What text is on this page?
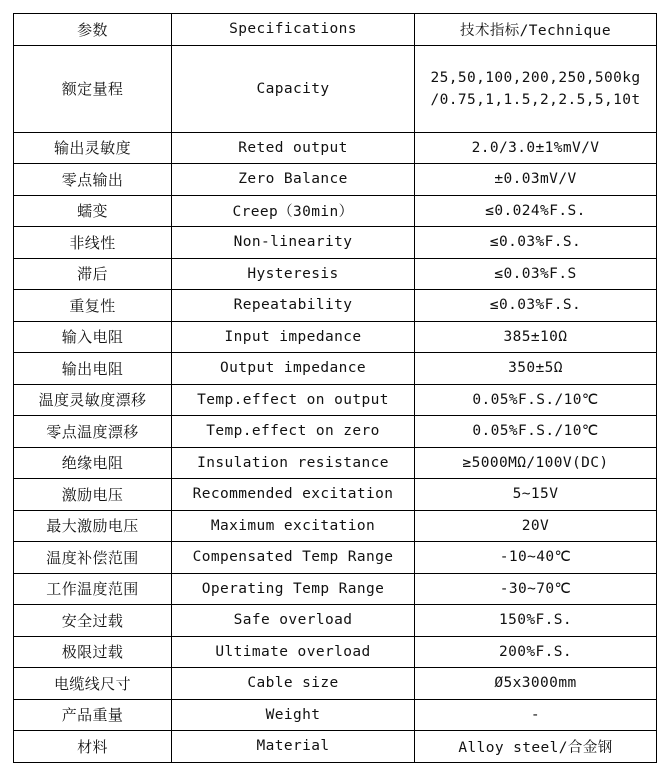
参数	Specifications	技术指标/Technique
额定量程	Capacity	25,50,100,200,250,500kg
/0.75,1,1.5,2,2.5,5,10t

输出灵敏度	Reted output	2.0/3.0±1%mV/V
零点输出	Zero Balance	±0.03mV/V
蠕变	Creep（30min）	≤0.024%F.S.
非线性	Non-linearity	≤0.03%F.S.
滞后	Hysteresis	≤0.03%F.S
重复性	Repeatability	≤0.03%F.S.
输入电阻	Input impedance	385±10Ω
输出电阻	Output impedance	350±5Ω
温度灵敏度漂移	Temp.effect on output	0.05%F.S./10℃
零点温度漂移	Temp.effect on zero	0.05%F.S./10℃
绝缘电阻	Insulation resistance	≥5000MΩ/100V(DC)
激励电压	Recommended excitation	5~15V
最大激励电压	Maximum excitation	20V
温度补偿范围	Compensated Temp Range	-10~40℃
工作温度范围	Operating Temp Range	-30~70℃
安全过载	Safe overload	150%F.S.
极限过载	Ultimate overload	200%F.S.
电缆线尺寸	Cable size	Ø5x3000mm
产品重量	Weight	-
材料	Material	Alloy steel/合金钢
